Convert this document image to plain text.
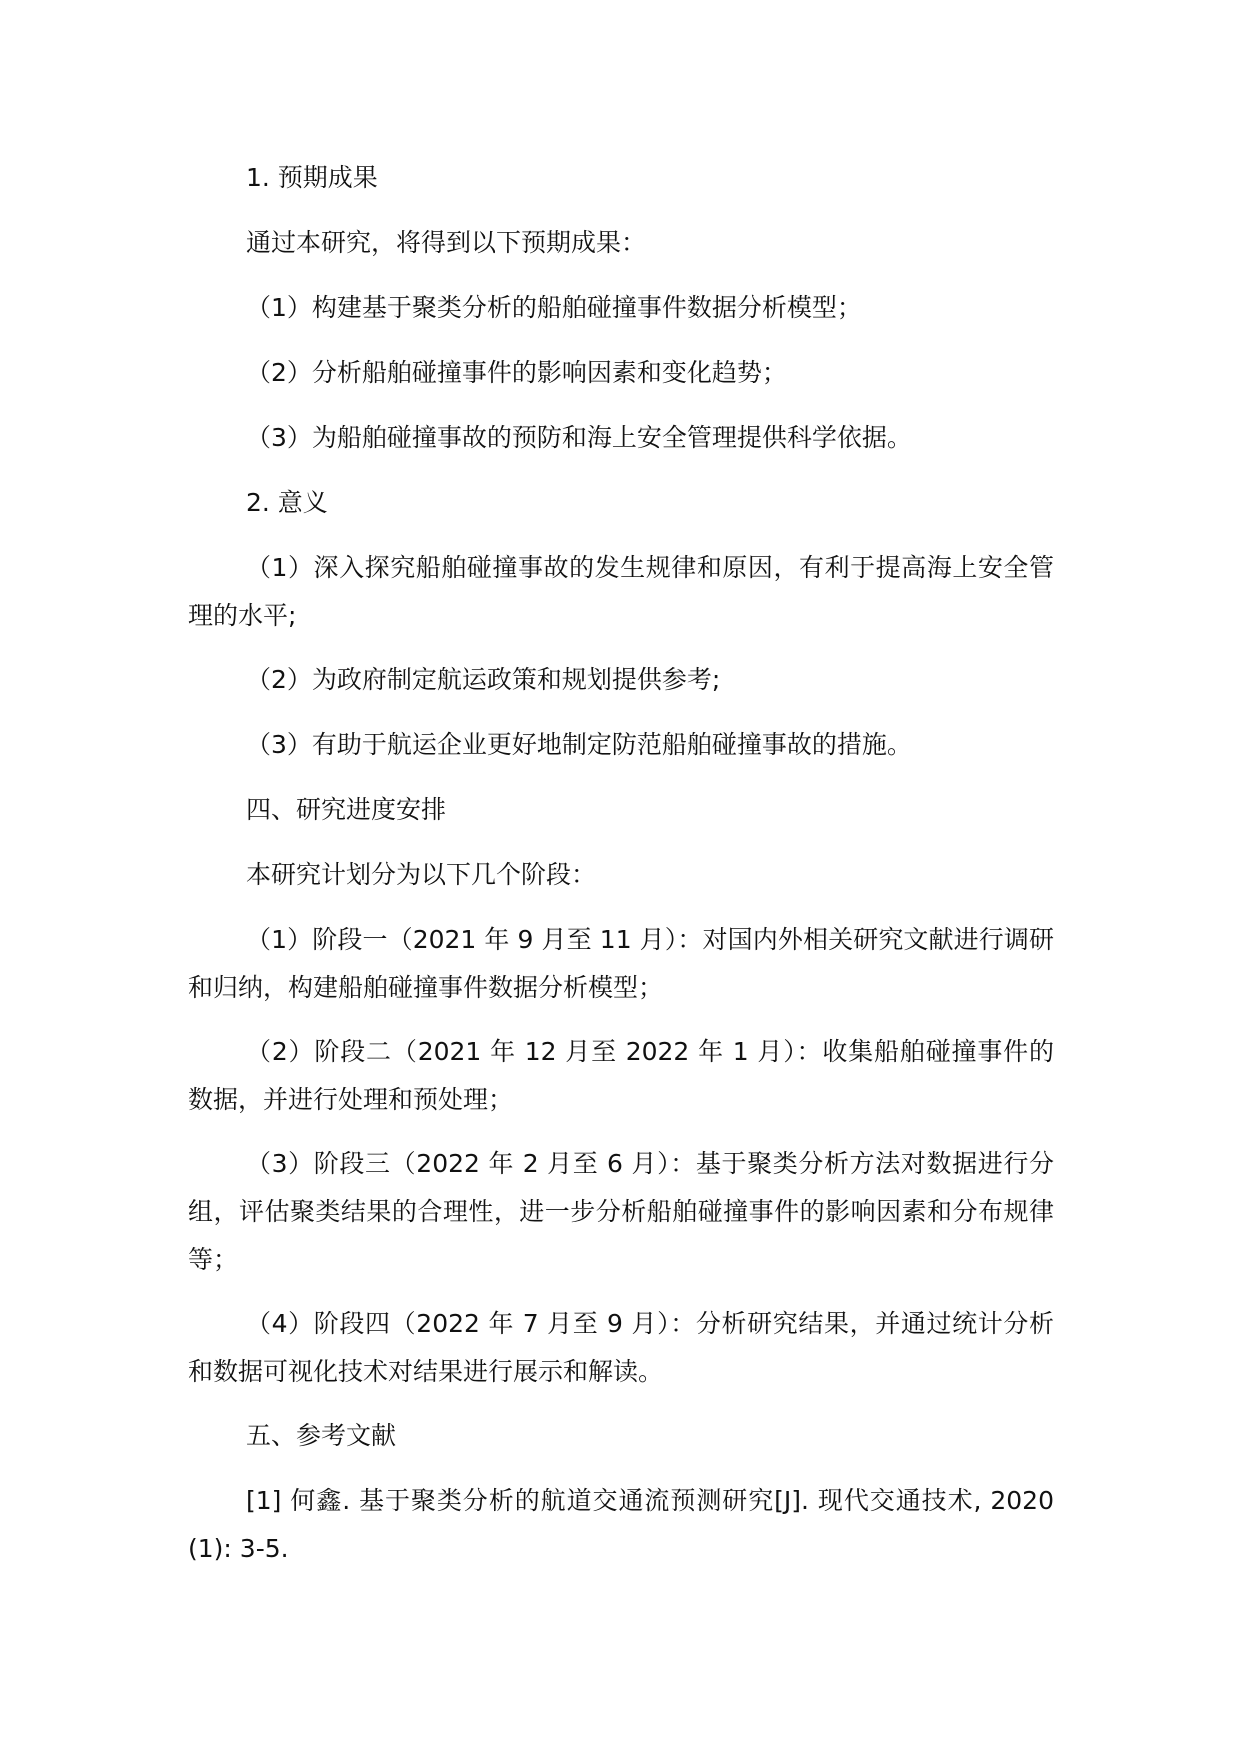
1. 预期成果

通过本研究，将得到以下预期成果：

（1）构建基于聚类分析的船舶碰撞事件数据分析模型；

（2）分析船舶碰撞事件的影响因素和变化趋势；

（3）为船舶碰撞事故的预防和海上安全管理提供科学依据。

2. 意义

（1）深入探究船舶碰撞事故的发生规律和原因，有利于提高海上安全管理的水平;

（2）为政府制定航运政策和规划提供参考;

（3）有助于航运企业更好地制定防范船舶碰撞事故的措施。

四、研究进度安排

本研究计划分为以下几个阶段：

（1）阶段一（2021 年 9 月至 11 月）：对国内外相关研究文献进行调研和归纳，构建船舶碰撞事件数据分析模型；

（2）阶段二（2021 年 12 月至 2022 年 1 月）：收集船舶碰撞事件的数据，并进行处理和预处理；

（3）阶段三（2022 年 2 月至 6 月）：基于聚类分析方法对数据进行分组，评估聚类结果的合理性，进一步分析船舶碰撞事件的影响因素和分布规律等；

（4）阶段四（2022 年 7 月至 9 月）：分析研究结果，并通过统计分析和数据可视化技术对结果进行展示和解读。

五、参考文献

[1] 何鑫. 基于聚类分析的航道交通流预测研究[J]. 现代交通技术, 2020(1): 3-5.
